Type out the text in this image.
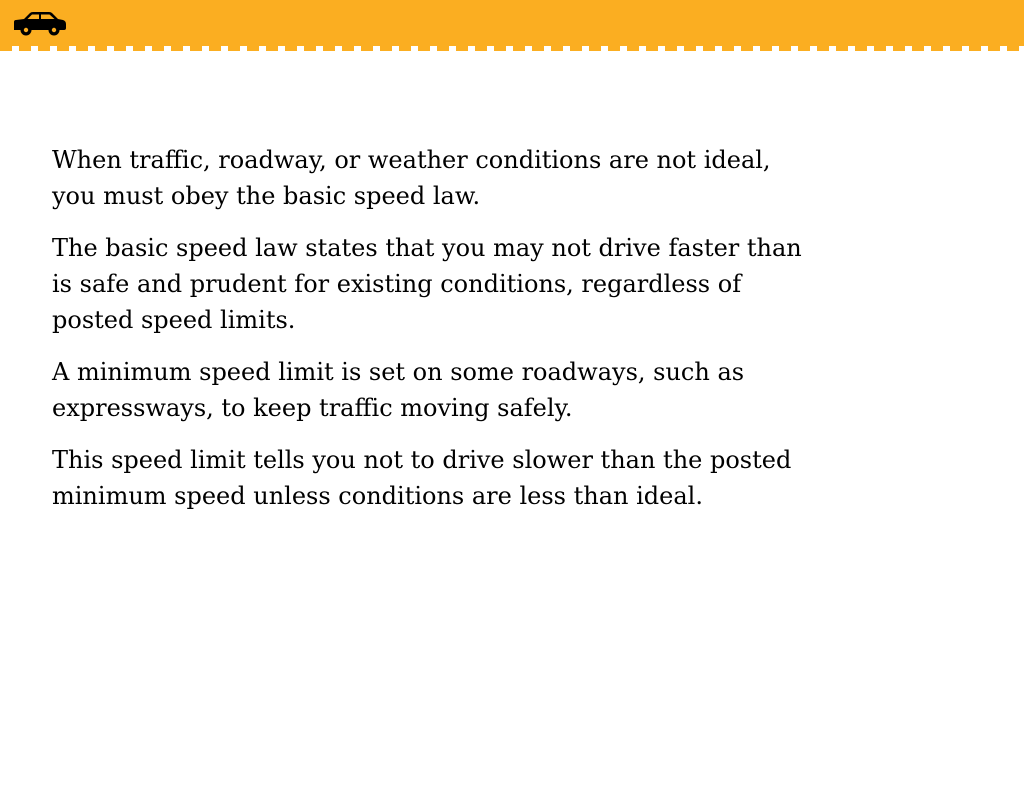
When traffic, roadway, or weather conditions are not ideal, you must obey the basic speed law.

The basic speed law states that you may not drive faster than is safe and prudent for existing conditions, regardless of posted speed limits.

A minimum speed limit is set on some roadways, such as expressways, to keep traffic moving safely.

This speed limit tells you not to drive slower than the posted minimum speed unless conditions are less than ideal.
